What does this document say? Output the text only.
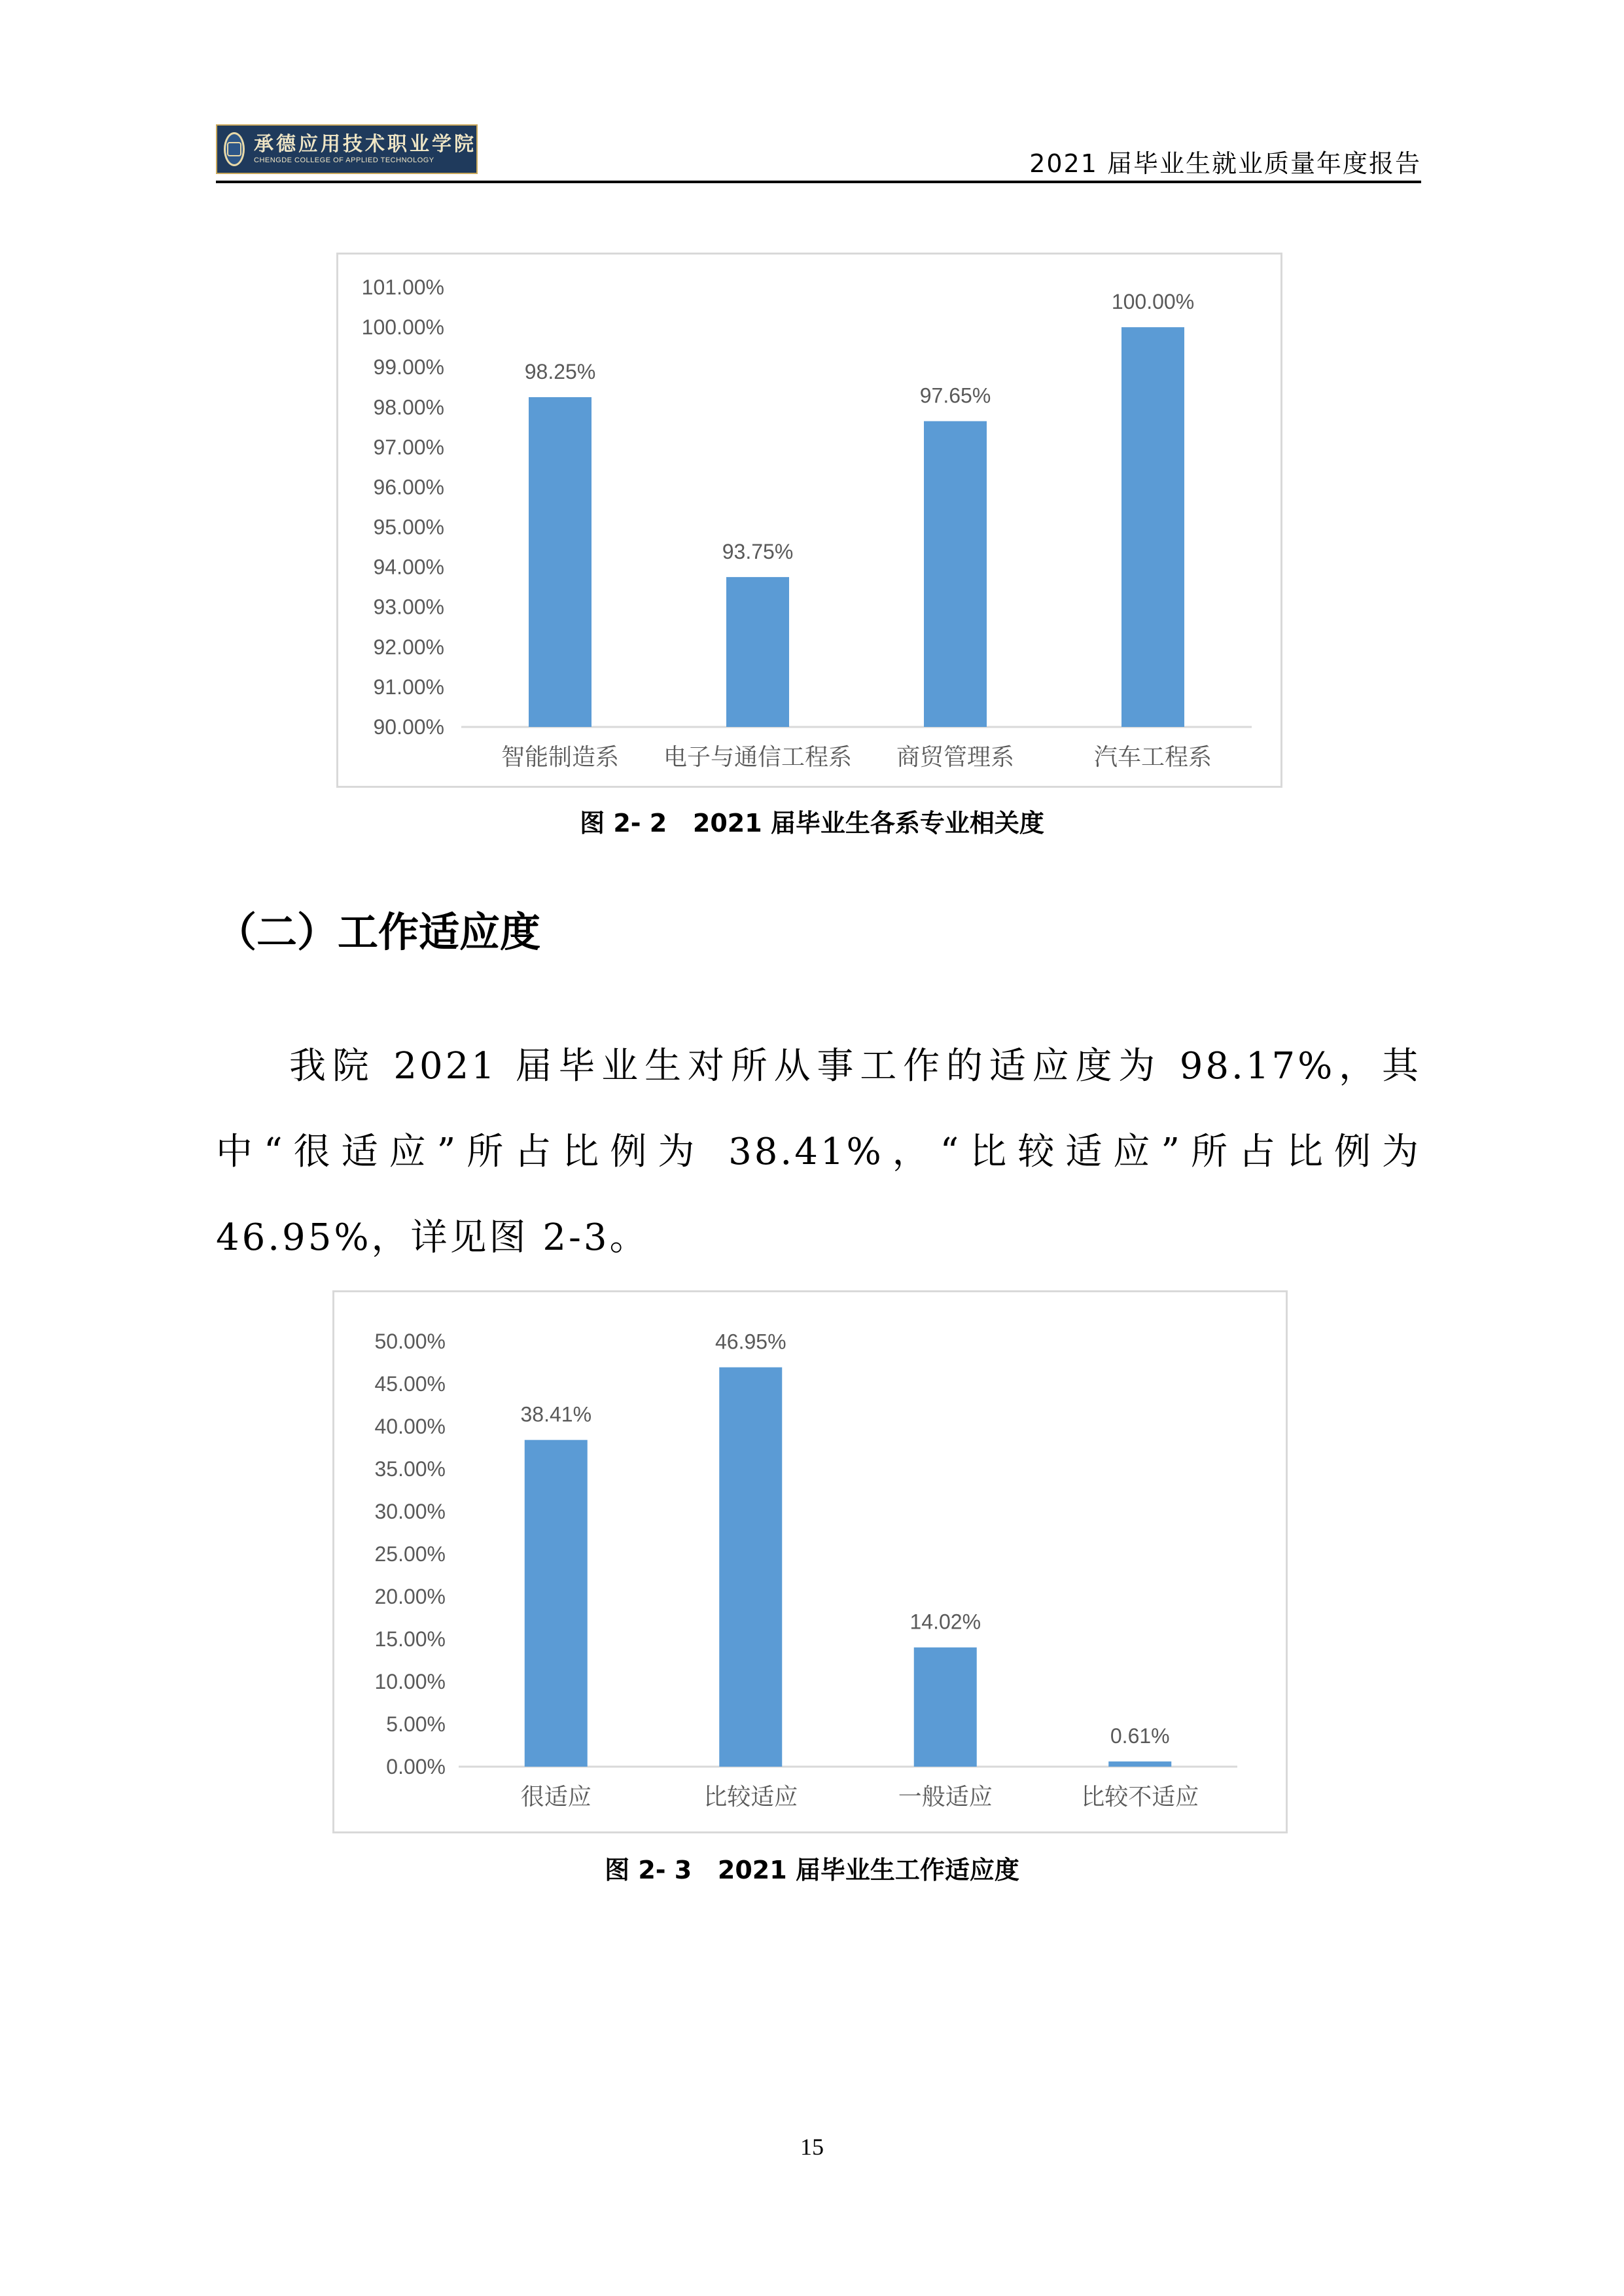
承德应用技术职业学院
CHENGDE COLLEGE OF APPLIED TECHNOLOGY	2021 届毕业生就业质量年度报告
90.00%
91.00%
92.00%
93.00%
94.00%
95.00%
96.00%
97.00%
98.00%
99.00%
100.00%
101.00%
98.25%
智能制造系
93.75%
电子与通信工程系
97.65%
商贸管理系
100.00%
汽车工程系
图 2- 2   2021 届毕业生各系专业相关度
（二）工作适应度

我院 2021 届毕业生对所从事工作的适应度为 98.17%，其中“很适应”所占比例为 38.41%，“比较适应”所占比例为 46.95%，详见图 2-3。

0.00%
5.00%
10.00%
15.00%
20.00%
25.00%
30.00%
35.00%
40.00%
45.00%
50.00%
38.41%
很适应
46.95%
比较适应
14.02%
一般适应
0.61%
比较不适应
图 2- 3   2021 届毕业生工作适应度
15
